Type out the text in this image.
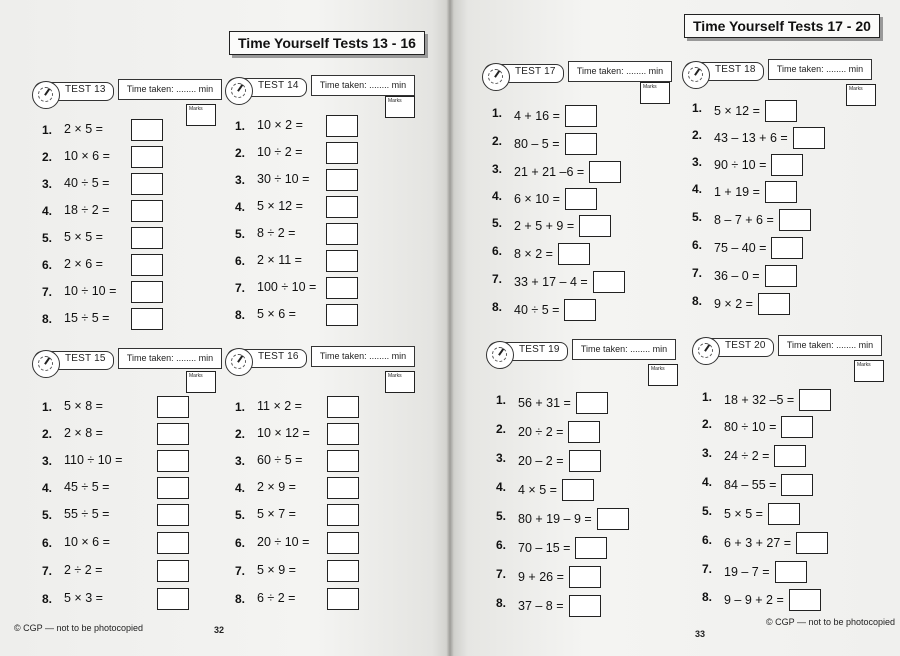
Time Yourself Tests 13 - 16
TEST 13	Time taken: ........ min
Marks
1. 2 × 5 =
2. 10 × 6 =
3. 40 ÷ 5 =
4. 18 ÷ 2 =
5. 5 × 5 =
6. 2 × 6 =
7. 10 ÷ 10 =
8. 15 ÷ 5 =
TEST 14	Time taken: ........ min
Marks
1. 10 × 2 =
2. 10 ÷ 2 =
3. 30 ÷ 10 =
4. 5 × 12 =
5. 8 ÷ 2 =
6. 2 × 11 =
7. 100 ÷ 10 =
8. 5 × 6 =
TEST 15	Time taken: ........ min
Marks
1. 5 × 8 =
2. 2 × 8 =
3. 110 ÷ 10 =
4. 45 ÷ 5 =
5. 55 ÷ 5 =
6. 10 × 6 =
7. 2 ÷ 2 =
8. 5 × 3 =
TEST 16	Time taken: ........ min
Marks
1. 11 × 2 =
2. 10 × 12 =
3. 60 ÷ 5 =
4. 2 × 9 =
5. 5 × 7 =
6. 20 ÷ 10 =
7. 5 × 9 =
8. 6 ÷ 2 =
© CGP — not to be photocopied	32
Time Yourself Tests 17 - 20
TEST 17	Time taken: ........ min
Marks
1. 4 + 16 =
2. 80 – 5 =
3. 21 + 21 –6 =
4. 6 × 10 =
5. 2 + 5 + 9 =
6. 8 × 2 =
7. 33 + 17 – 4 =
8. 40 ÷ 5 =
TEST 18	Time taken: ........ min
Marks
1. 5 × 12 =
2. 43 – 13 + 6 =
3. 90 ÷ 10 =
4. 1 + 19 =
5. 8 – 7 + 6 =
6. 75 – 40 =
7. 36 – 0 =
8. 9 × 2 =
TEST 19	Time taken: ........ min
Marks
1. 56 + 31 =
2. 20 ÷ 2 =
3. 20 – 2 =
4. 4 × 5 =
5. 80 + 19 – 9 =
6. 70 – 15 =
7. 9 + 26 =
8. 37 – 8 =
TEST 20	Time taken: ........ min
Marks
1. 18 + 32 –5 =
2. 80 ÷ 10 =
3. 24 ÷ 2 =
4. 84 – 55 =
5. 5 × 5 =
6. 6 + 3 + 27 =
7. 19 – 7 =
8. 9 – 9 + 2 =
33
© CGP — not to be photocopied
